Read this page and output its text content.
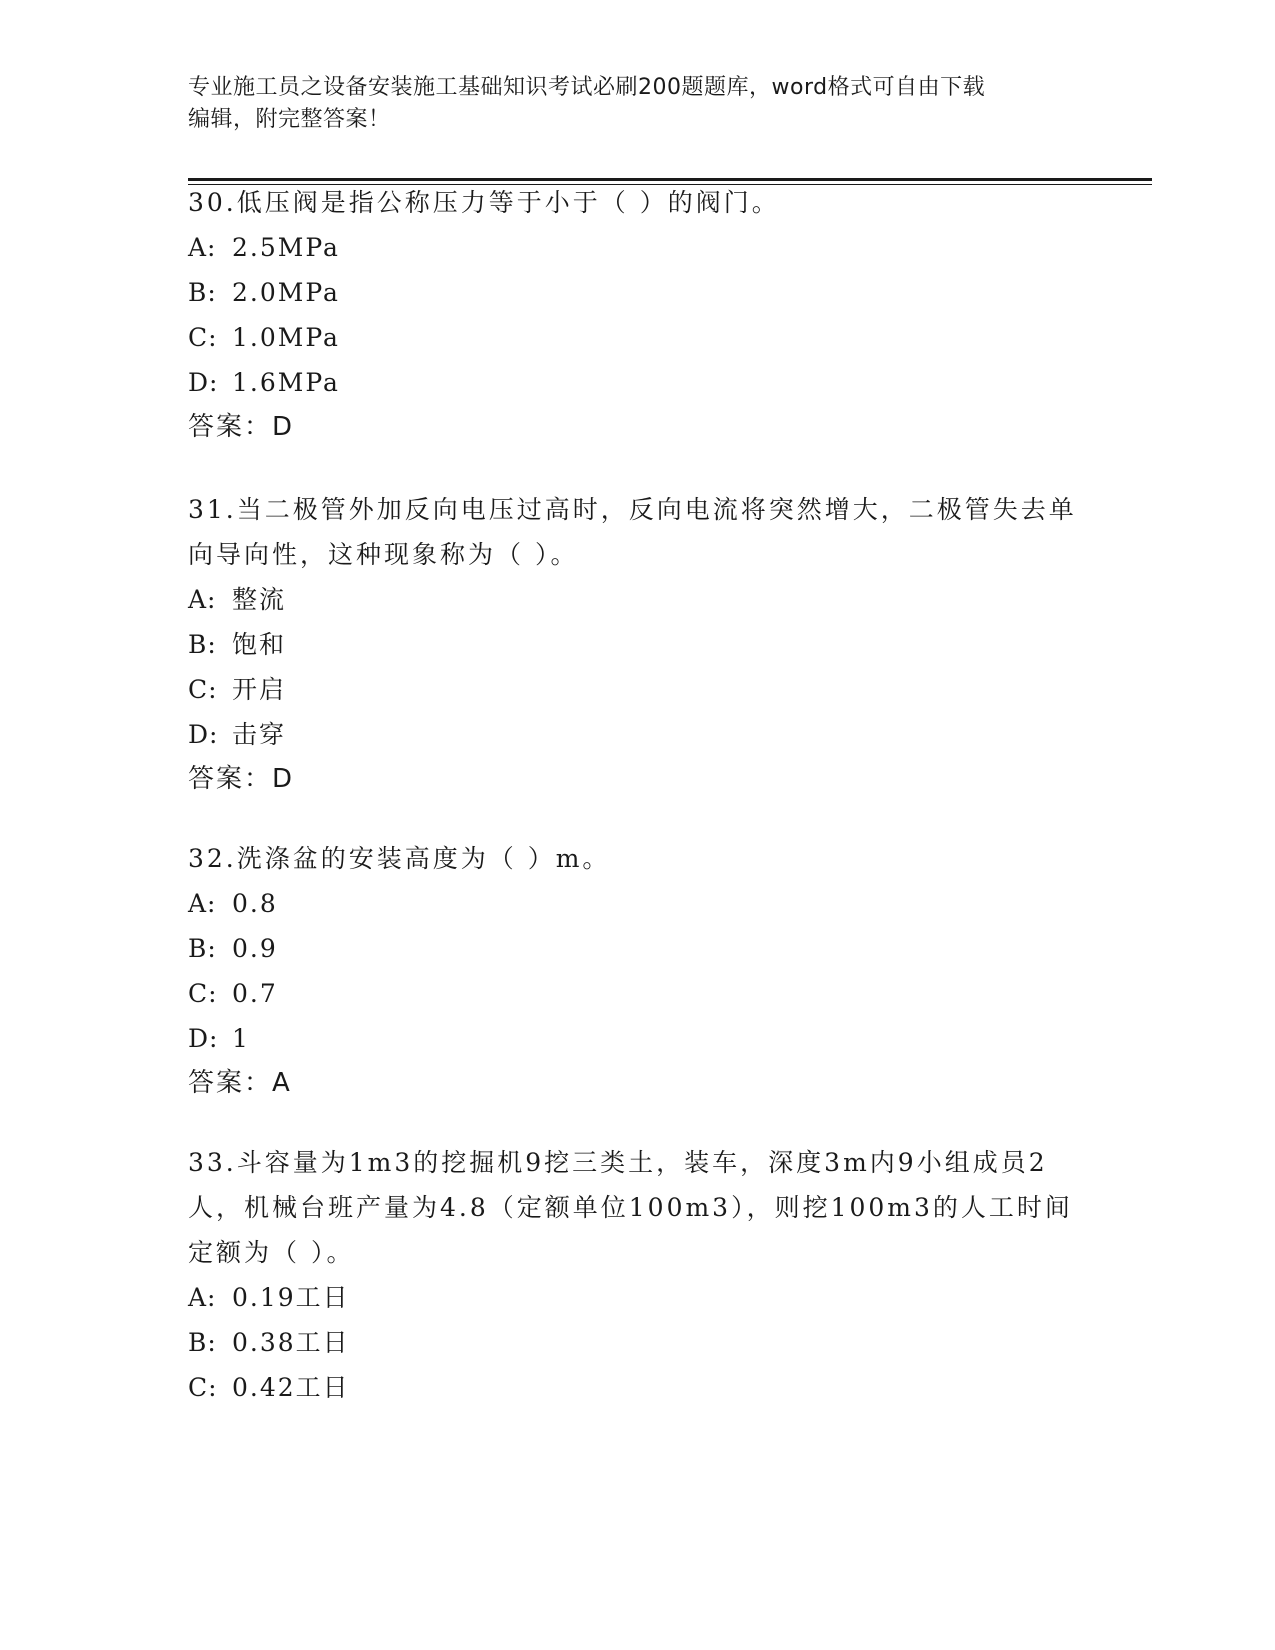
专业施工员之设备安装施工基础知识考试必刷200题题库，word格式可自由下载
编辑，附完整答案！

30.低压阀是指公称压力等于小于（ ）的阀门。

A: 2.5MPa
B: 2.0MPa
C: 1.0MPa
D: 1.6MPa

答案：D

31.当二极管外加反向电压过高时，反向电流将突然增大，二极管失去单向导向性，这种现象称为（ ）。

A: 整流
B: 饱和
C: 开启
D: 击穿

答案：D

32.洗涤盆的安装高度为（ ）m。

A: 0.8
B: 0.9
C: 0.7
D: 1

答案：A

33.斗容量为1m3的挖掘机9挖三类土，装车，深度3m内9小组成员2人，机械台班产量为4.8（定额单位100m3），则挖100m3的人工时间定额为（ ）。

A: 0.19工日
B: 0.38工日
C: 0.42工日
